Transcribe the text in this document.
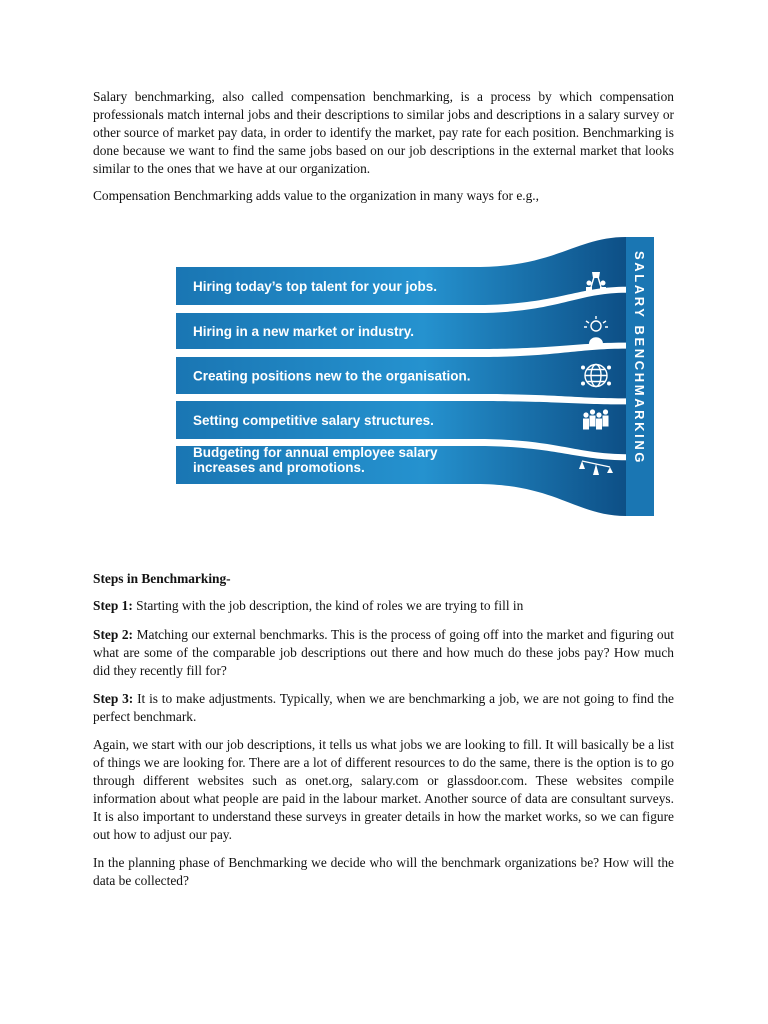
Salary benchmarking, also called compensation benchmarking, is a process by which compensation professionals match internal jobs and their descriptions to similar jobs and descriptions in a salary survey or other source of market pay data, in order to identify the market, pay rate for each position. Benchmarking is done because we want to find the same jobs based on our job descriptions in the external market that looks similar to the ones that we have at our organization.

Compensation Benchmarking adds value to the organization in many ways for e.g.,

Hiring today’s top talent for your jobs.
Hiring in a new market or industry.
Creating positions new to the organisation.
Setting competitive salary structures.
Budgeting for annual employee salary
increases and promotions.
SALARY BENCHMARKING

Steps in Benchmarking-

Step 1: Starting with the job description, the kind of roles we are trying to fill in

Step 2: Matching our external benchmarks. This is the process of going off into the market and figuring out what are some of the comparable job descriptions out there and how much do these jobs pay? How much did they recently fill for?

Step 3: It is to make adjustments. Typically, when we are benchmarking a job, we are not going to find the perfect benchmark.

Again, we start with our job descriptions, it tells us what jobs we are looking to fill. It will basically be a list of things we are looking for. There are a lot of different resources to do the same, there is the option is to go through different websites such as onet.org, salary.com or glassdoor.com. These websites compile information about what people are paid in the labour market. Another source of data are consultant surveys. It is also important to understand these surveys in greater details in how the market works, so we can figure out how to adjust our pay.

In the planning phase of Benchmarking we decide who will the benchmark organizations be? How will the data be collected?
